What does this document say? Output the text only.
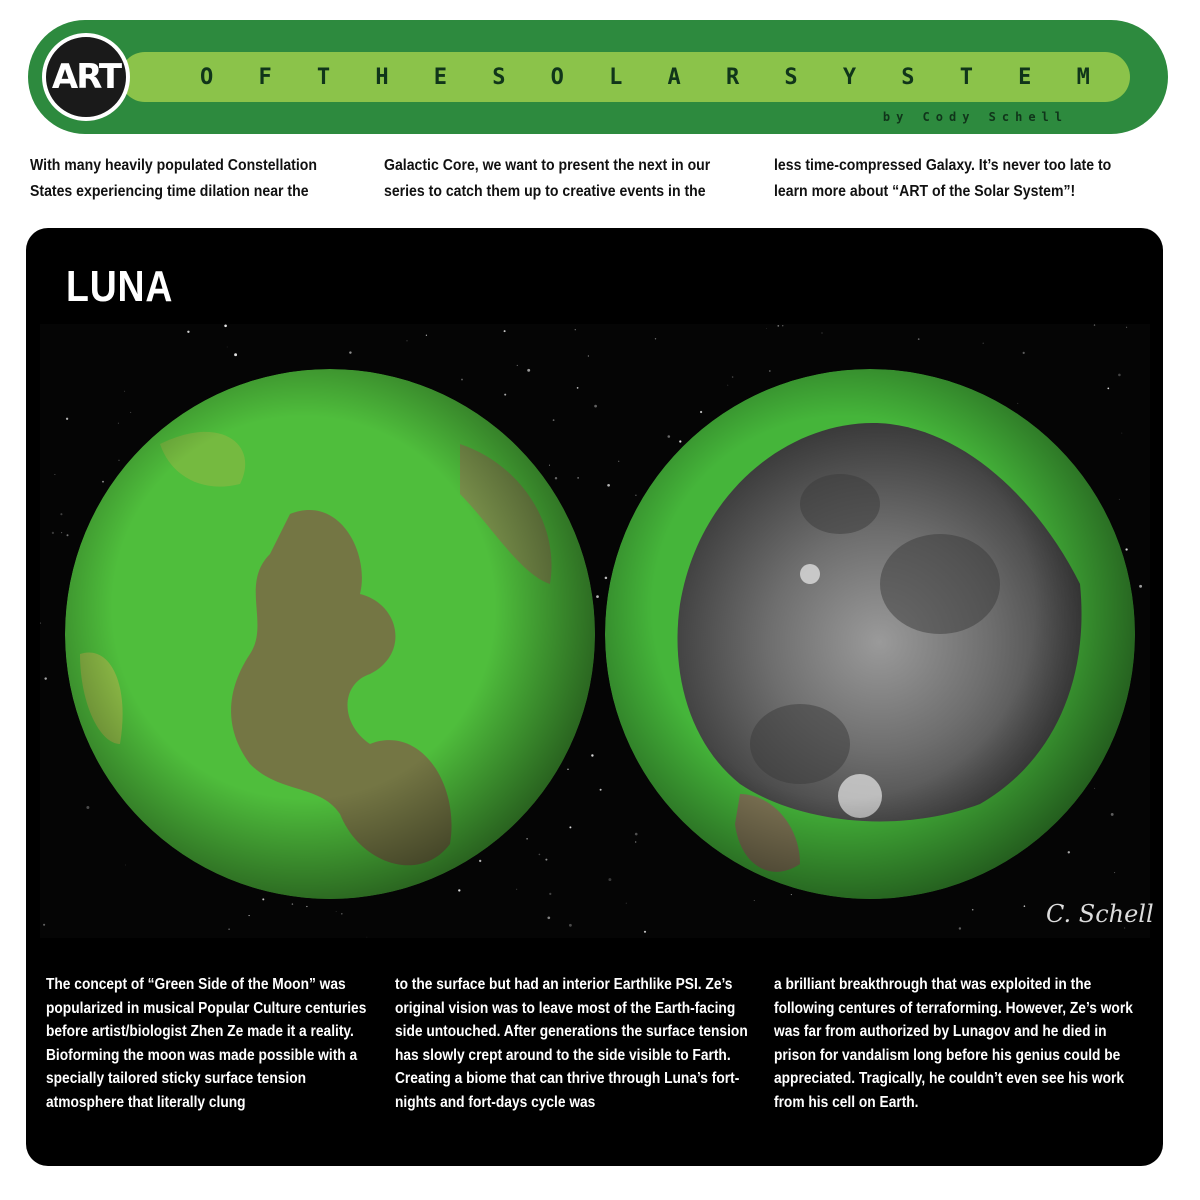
O F T H E S O L A R S Y S T E M
ART
by Cody Schell

With many heavily populated Constellation States experiencing time dilation near the

Galactic Core, we want to present the next in our series to catch them up to creative events in the

less time-compressed Galaxy. It’s never too late to learn more about “ART of the Solar System”!

LUNA
C. Schell

The concept of “Green Side of the Moon” was popularized in musical Popular Culture centuries before artist/biologist Zhen Ze made it a reality. Bioforming the moon was made possible with a specially tailored sticky surface tension atmosphere that literally clung

to the surface but had an interior Earthlike PSI. Ze’s original vision was to leave most of the Earth-facing side untouched. After generations the surface tension has slowly crept around to the side visible to Farth. Creating a biome that can thrive through Luna’s fort-nights and fort-days cycle was

a brilliant breakthrough that was exploited in the following centures of terraforming. However, Ze’s work was far from authorized by Lunagov and he died in prison for vandalism long before his genius could be appreciated. Tragically, he couldn’t even see his work from his cell on Earth.
